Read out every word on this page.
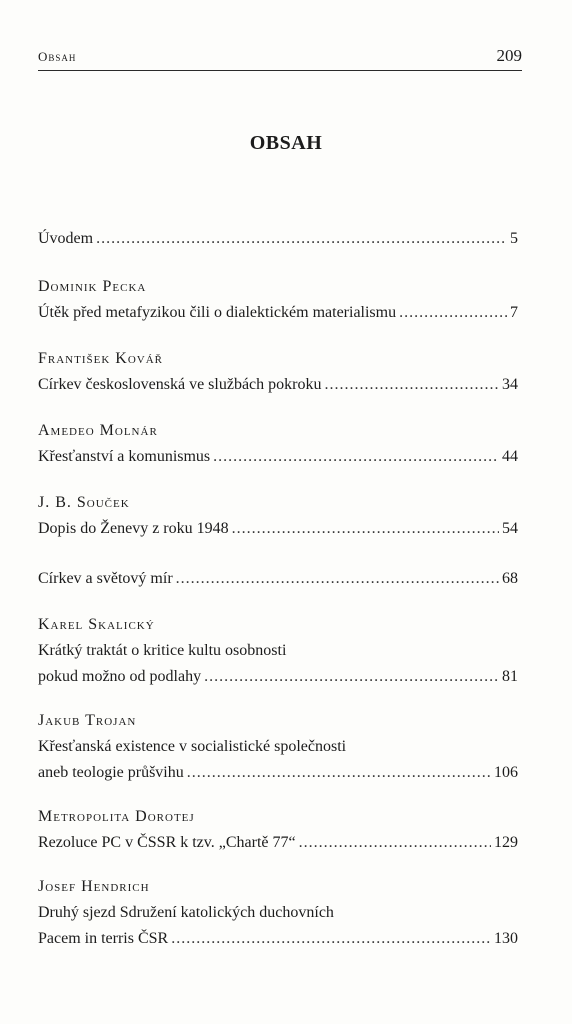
Obsah	209
OBSAH
Úvodem .....	5
Dominik Pecka
Útěk před metafyzikou čili o dialektickém materialismu .....	7
František Kovář
Církev československá ve službách pokroku .....	34
Amedeo Molnár
Křesťanství a komunismus .....	44
J. B. Souček
Dopis do Ženevy z roku 1948 .....	54
Církev a světový mír .....	68
Karel Skalický
Krátký traktát o kritice kultu osobnosti
pokud možno od podlahy .....	81
Jakub Trojan
Křesťanská existence v socialistické společnosti
aneb teologie průšvihu .....	106
Metropolita Dorotej
Rezoluce PC v ČSSR k tzv. „Chartě 77“ .....	129
Josef Hendrich
Druhý sjezd Sdružení katolických duchovních
Pacem in terris ČSR .....	130
